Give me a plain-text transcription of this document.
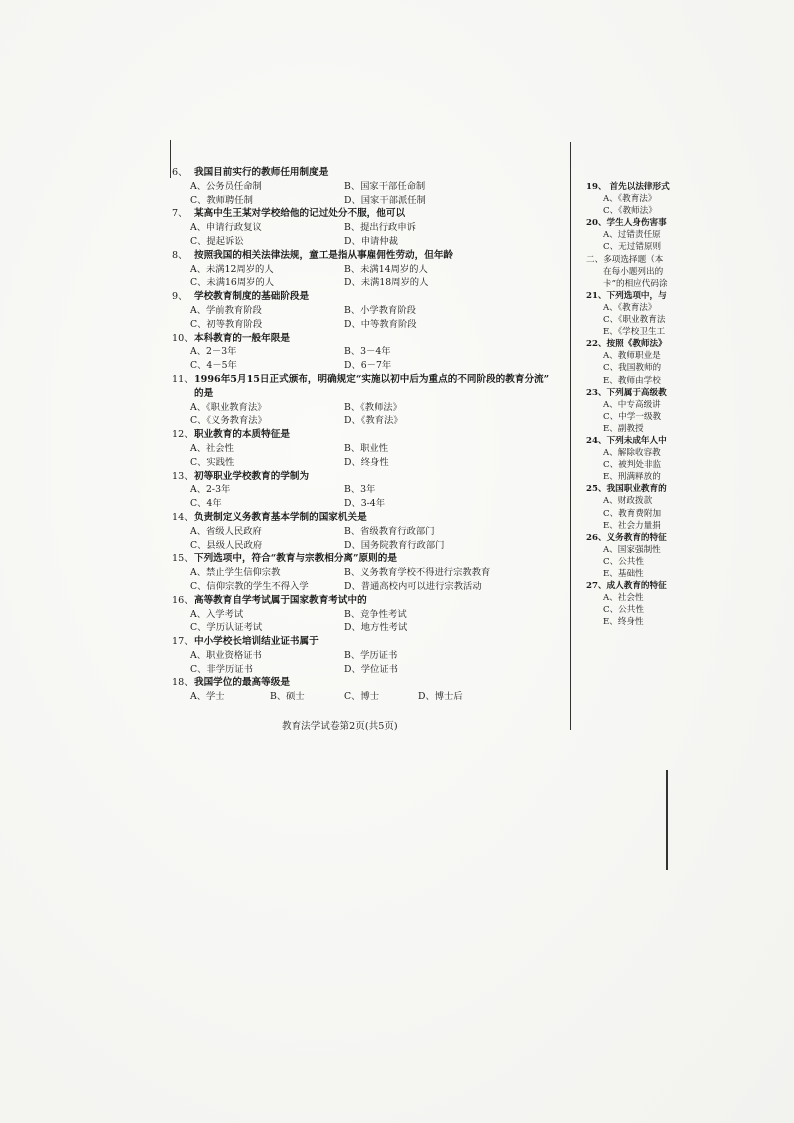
6、 我国目前实行的教师任用制度是
A、公务员任命制	B、国家干部任命制
C、教师聘任制	D、国家干部派任制
7、 某高中生王某对学校给他的记过处分不服，他可以
A、申请行政复议	B、提出行政申诉
C、提起诉讼	D、申请仲裁
8、 按照我国的相关法律法规，童工是指从事雇佣性劳动，但年龄
A、未满12周岁的人	B、未满14周岁的人
C、未满16周岁的人	D、未满18周岁的人
9、 学校教育制度的基础阶段是
A、学前教育阶段	B、小学教育阶段
C、初等教育阶段	D、中等教育阶段
10、 本科教育的一般年限是
A、2－3年	B、3－4年
C、4－5年	D、6－7年
11、 1996年5月15日正式颁布，明确规定“实施以初中后为重点的不同阶段的教育分流”
的是
A、《职业教育法》	B、《教师法》
C、《义务教育法》	D、《教育法》
12、 职业教育的本质特征是
A、社会性	B、职业性
C、实践性	D、终身性
13、 初等职业学校教育的学制为
A、2-3年	B、3年
C、4年	D、3-4年
14、 负责制定义务教育基本学制的国家机关是
A、省级人民政府	B、省级教育行政部门
C、县级人民政府	D、国务院教育行政部门
15、 下列选项中，符合“教育与宗教相分离”原则的是
A、禁止学生信仰宗教	B、义务教育学校不得进行宗教教育
C、信仰宗教的学生不得入学	D、普通高校内可以进行宗教活动
16、 高等教育自学考试属于国家教育考试中的
A、入学考试	B、竞争性考试
C、学历认证考试	D、地方性考试
17、 中小学校长培训结业证书属于
A、职业资格证书	B、学历证书
C、非学历证书	D、学位证书
18、 我国学位的最高等级是
A、学士	B、硕士	C、博士	D、博士后
教育法学试卷第2页(共5页)
19、 首先以法律形式
A、《教育法》
C、《教师法》
20、学生人身伤害事
A、过错责任原
C、无过错原则
二、多项选择题（本
在每小题列出的
卡”的相应代码涂
21、下列选项中，与
A、《教育法》
C、《职业教育法
E、《学校卫生工
22、按照《教师法》
A、教师职业是
C、我国教师的
E、教师由学校
23、下列属于高级教
A、中专高级讲
C、中学一级教
E、副教授
24、下列未成年人中
A、解除收容教
C、被判处非监
E、刑满释放的
25、我国职业教育的
A、财政拨款
C、教育费附加
E、社会力量捐
26、义务教育的特征
A、国家强制性
C、公共性
E、基础性
27、成人教育的特征
A、社会性
C、公共性
E、终身性
